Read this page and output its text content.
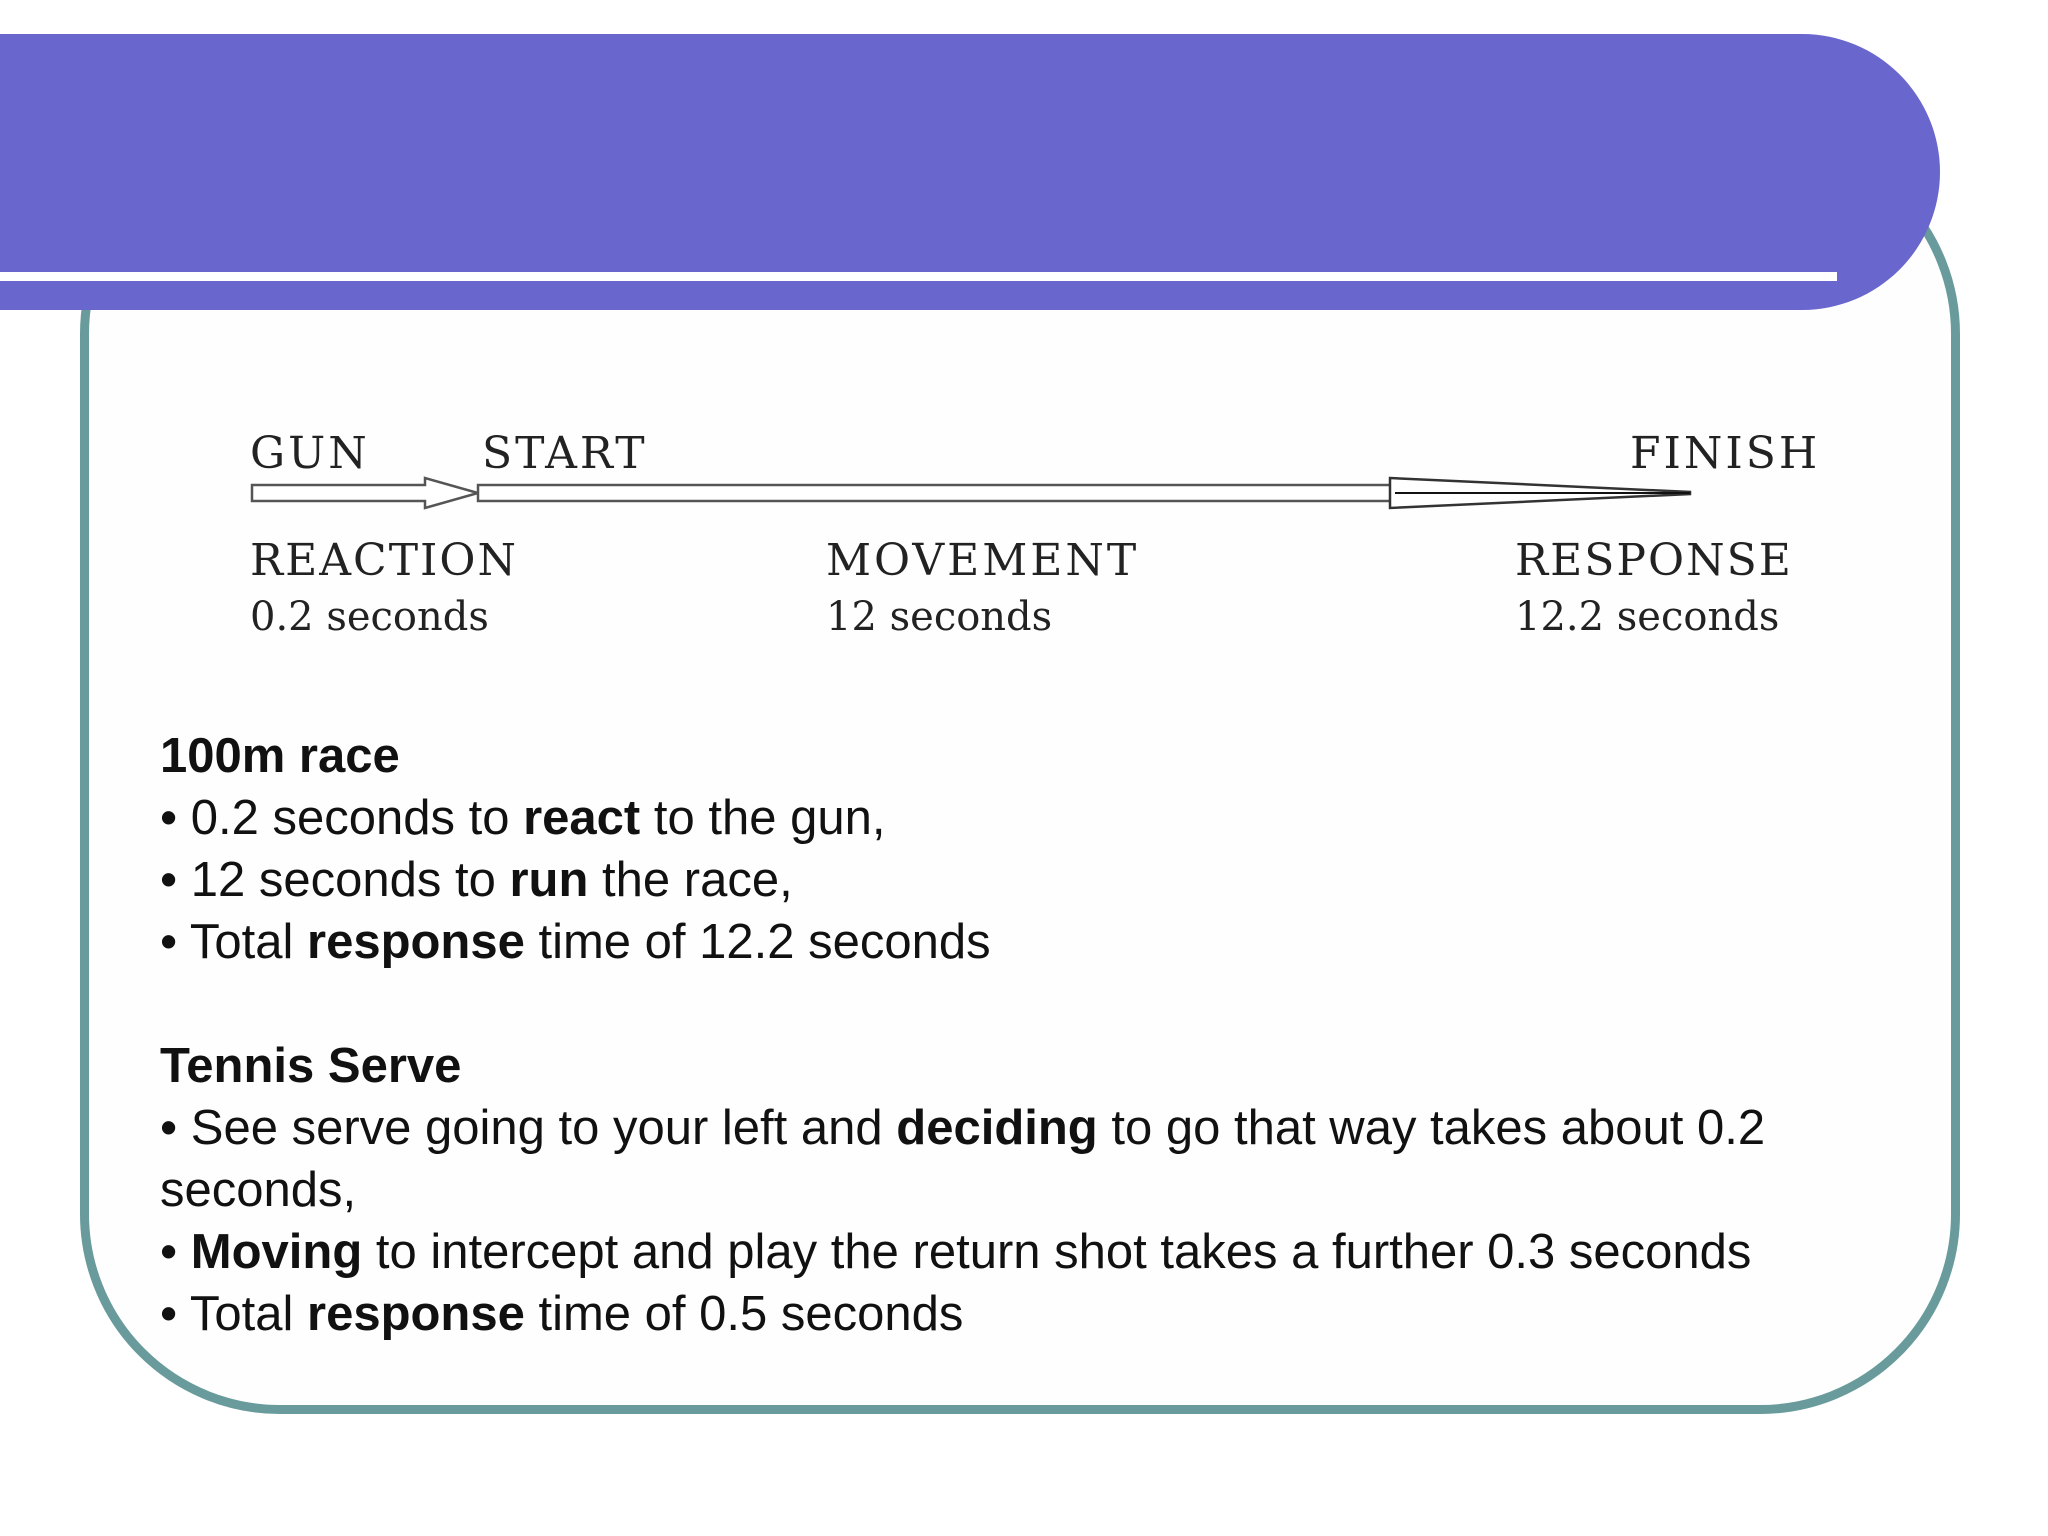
GUN	START	FINISH
REACTION
0.2 seconds
MOVEMENT
12 seconds
RESPONSE
12.2 seconds

100m race

• 0.2 seconds to react to the gun,

• 12 seconds to run the race,

• Total response time of 12.2 seconds

Tennis Serve

• See serve going to your left and deciding to go that way takes about 0.2 seconds,

• Moving to intercept and play the return shot takes a further 0.3 seconds

• Total response time of 0.5 seconds
